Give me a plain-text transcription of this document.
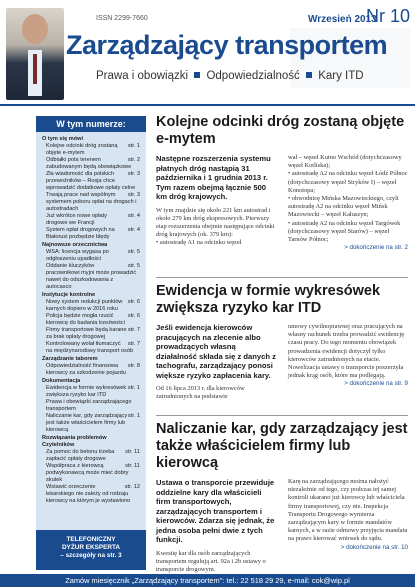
ISSN 2299-7660	Wrzesień 2013
Nr 10
Zarządzający transportem
Prawa i obowiązki Odpowiedzialność Kary ITD
W tym numerze:
O tym się mówi
str. 1
Kolejne odcinki dróg zostaną objęte e-mytem
str. 2
Odbiałki pota terenem zabudowanym będą obowiązkowe
str. 3
Zła wiadomość dla polskich przewoźników – Rosja chce wprowadzić dodatkowe opłaty celne
str. 3
Trwają prace nad wspólnym systemem poboru opłat na drogach i autostradach
str. 4
Już wkrótce nowe opłaty drogowe we Francji
str. 4
System opłat drogowych na Białorusi pozbędzie błędy
Najnowsze orzecznictwa
str. 5
WSA: licencja wygasa po odgłoszeniu upadłości
str. 5
Oddanie kluczyków pracownikowi myjni może prowadzić nawet do odszkodowania z autocasco
Instytucje kontrolne
str. 6
Nowy system redukcji punktów karnych dopiero w 2016 roku
str. 6
Policja będzie mogła rzucić kierowcę do badania trzeźwości
str. 7
Firmy transportowe będą karane za brak opłaty drogowej
str. 7
Kontrolowany wolał tłumaczyć na międzynarodowy transport osób
Zarządzanie taborem
str. 8
Odpowiedzialność finansowa kierowcy za szkodzenie pojazdu
Dokumentacja
str. 1
Ewidencja w formie wykresówek zwiększa ryzyko kar ITD
Prawa i obowiązki zarządzającego transportem
str. 1
Naliczanie kar, gdy zarządzający jest także właścicielem firmy lub kierowcą
Rozwiązania problemów Czytelników
str. 11
Za pomoc do betonu trzeba zapłacić opłaty drogowe
str. 11
Współpraca z kierowcą podwykonawcą może mieć dobry skutek
str. 12
Wstawić orzeczenie lekarskiego nie zależy od rodzaju kierowcy na którym je wystawiono
TELEFONICZNY
DYŻUR EKSPERTA
– szczegóły na str. 3
Kolejne odcinki dróg zostaną objęte e-mytem
Następne rozszerzenia systemu płatnych dróg nastąpią 31 października i 1 grudnia 2013 r. Tym razem obejmą łącznie 500 km dróg krajowych.
W tym znajdzie się około 221 km autostrad i około 279 km dróg ekspresowych. Pierwszy etap rozszerzenia obejmie następujące odcinki dróg krajowych (ok. 379 km):
• autostradę A1 na odcinku węzeł
wał – węzeł Kutno Wschód (dotychczasowy węzeł Kotliska);
• autostradę A2 na odcinku węzeł Łódź Północ (dotychczasowy węzeł Stryków I) – węzeł Konotopa;
• obwodnicę Mińska Mazowieckiego, czyli autostradę A2 na odcinku węzeł Mińsk Mazowiecki – węzeł Kałuszyn;
• autostradę A2 na odcinku węzeł Targówek (dotychczasowy węzeł Starów) – węzeł Tarnów Północ;
> dokończenie na str. 2
Ewidencja w formie wykresówek zwiększa ryzyko kar ITD
Jeśli ewidencja kierowców pracujących na zlecenie albo prowadzących własną działalność składa się z danych z tachografu, zarządzający ponosi większe ryzyko zapłacenia kary.
Od 16 lipca 2013 r. dla kierowców zatrudnionych na podstawie
umowy cywilnoprawnej oraz pracujących na własny rachunek trzeba prowadzić ewidencję czasu pracy. Do tego momentu obowiązek prowadzenia ewidencji dotyczył tylko kierowców zatrudnionych na etacie. Nowelizacja ustawy o transporcie poszerzyła jednak krąg osób, które ma podlegają.
> dokończenie na str. 9
Naliczanie kar, gdy zarządzający jest także właścicielem firmy lub kierowcą
Ustawa o transporcie przewiduje oddzielne kary dla właścicieli firm transportowych, zarządzających transportem i kierowców. Zdarza się jednak, że jedna osoba pełni dwie z tych funkcji.
Kwestię kar dla osób zarządzających transportem regulują art. 92a i 2b ustawy o transporcie drogowym.
Karę na zarządzającego można nałożyć niezależnie od tego, czy podczas tej samej kontroli ukarano już kierowcę lub właściciela firmy transportowej, czy nie. Inspekcja Transportu Drogowego wymierza zarządzającym kary w formie mandatów karnych, a w razie odmowy przyjęcia mandatu na prawo kierować wniosek do sądu.
> dokończenie na str. 10
Zamów miesięcznik „Zarządzający transportem": tel.: 22 518 29 29, e-mail: cok@wip.pl
